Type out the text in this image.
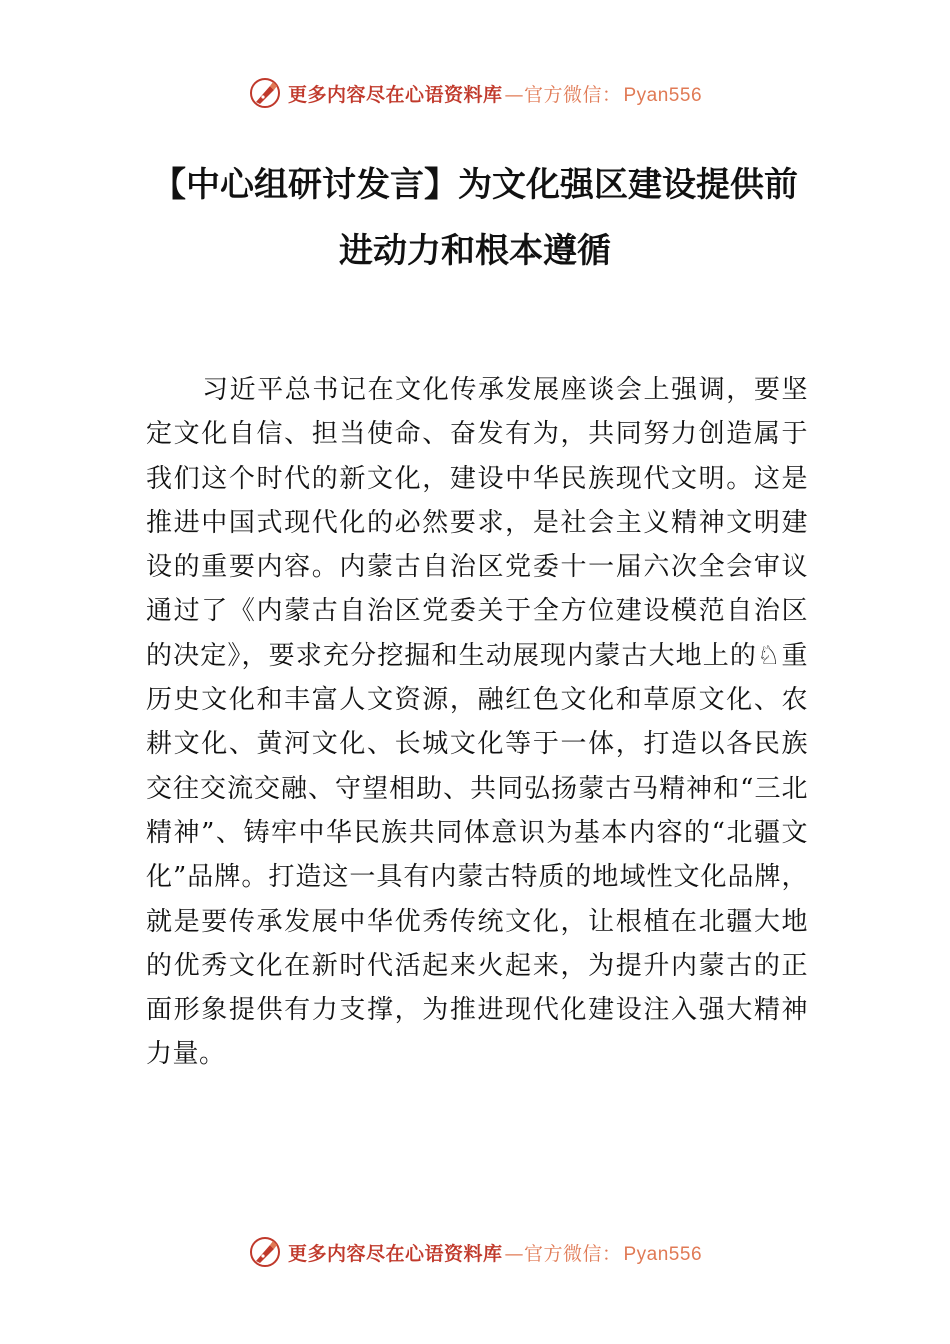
更多内容尽在心语资料库 —官方微信： Pyan556
【中心组研讨发言】为文化强区建设提供前
进动力和根本遵循

习近平总书记在文化传承发展座谈会上强调，要坚定文化自信、担当使命、奋发有为，共同努力创造属于我们这个时代的新文化，建设中华民族现代文明。这是推进中国式现代化的必然要求，是社会主义精神文明建设的重要内容。内蒙古自治区党委十一届六次全会审议通过了《内蒙古自治区党委关于全方位建设模范自治区的决定》，要求充分挖掘和生动展现内蒙古大地上的♘重历史文化和丰富人文资源，融红色文化和草原文化、农耕文化、黄河文化、长城文化等于一体，打造以各民族交往交流交融、守望相助、共同弘扬蒙古马精神和“三北精神”、铸牢中华民族共同体意识为基本内容的“北疆文化”品牌。打造这一具有内蒙古特质的地域性文化品牌，就是要传承发展中华优秀传统文化，让根植在北疆大地的优秀文化在新时代活起来火起来，为提升内蒙古的正面形象提供有力支撑，为推进现代化建设注入强大精神力量。

更多内容尽在心语资料库 —官方微信： Pyan556
